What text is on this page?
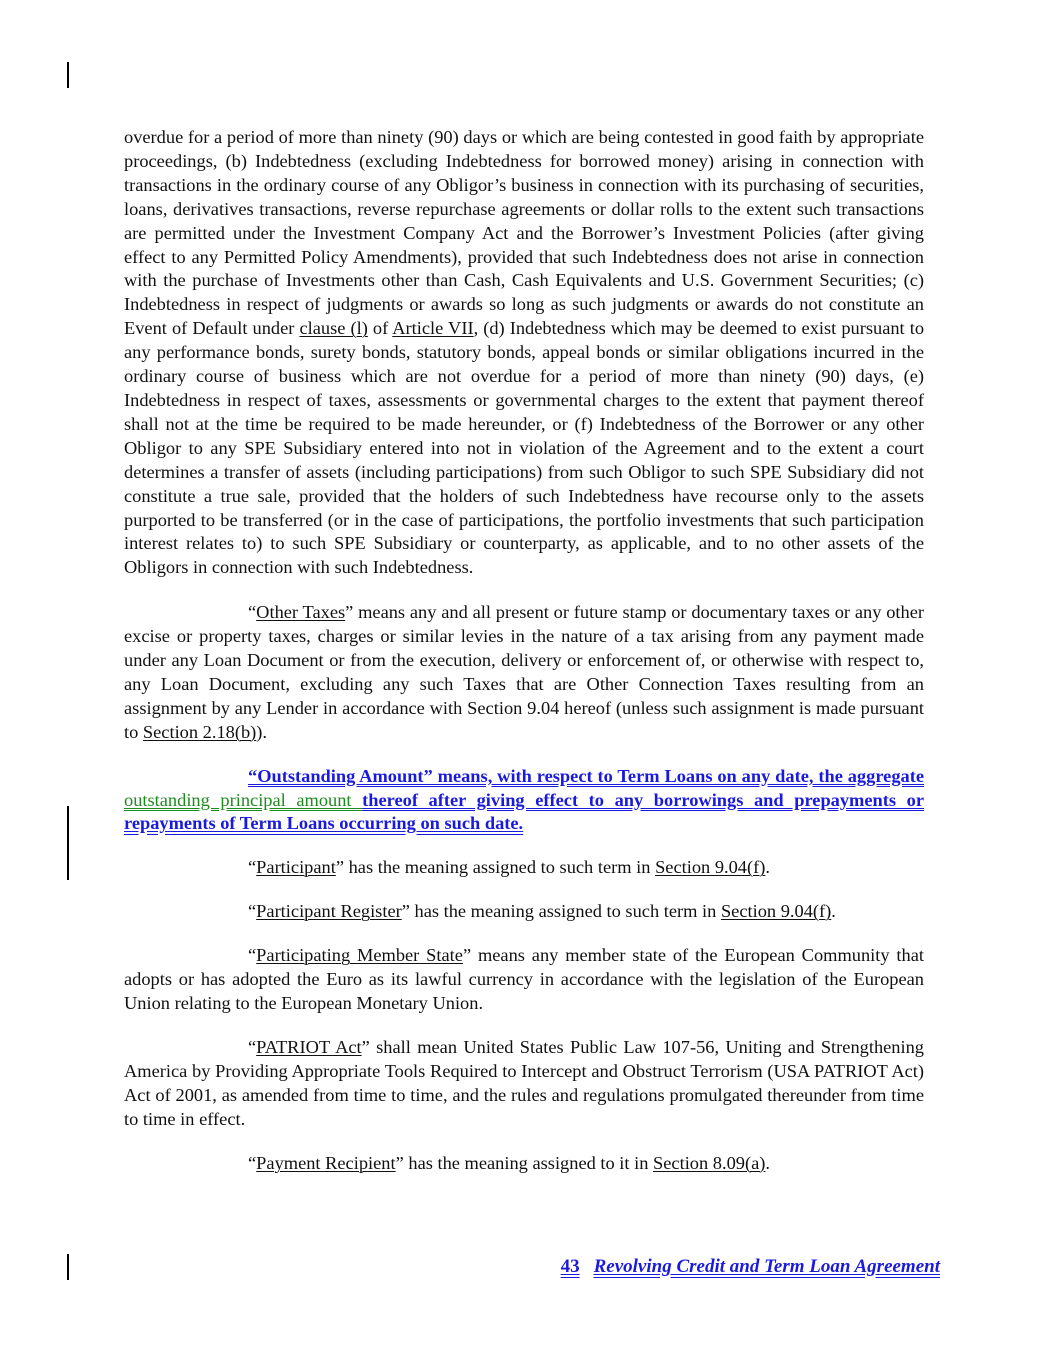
overdue for a period of more than ninety (90) days or which are being contested in good faith by appropriate proceedings, (b) Indebtedness (excluding Indebtedness for borrowed money) arising in connection with transactions in the ordinary course of any Obligor’s business in connection with its purchasing of securities, loans, derivatives transactions, reverse repurchase agreements or dollar rolls to the extent such transactions are permitted under the Investment Company Act and the Borrower’s Investment Policies (after giving effect to any Permitted Policy Amendments), provided that such Indebtedness does not arise in connection with the purchase of Investments other than Cash, Cash Equivalents and U.S. Government Securities; (c) Indebtedness in respect of judgments or awards so long as such judgments or awards do not constitute an Event of Default under clause (l) of Article VII, (d) Indebtedness which may be deemed to exist pursuant to any performance bonds, surety bonds, statutory bonds, appeal bonds or similar obligations incurred in the ordinary course of business which are not overdue for a period of more than ninety (90) days, (e) Indebtedness in respect of taxes, assessments or governmental charges to the extent that payment thereof shall not at the time be required to be made hereunder, or (f) Indebtedness of the Borrower or any other Obligor to any SPE Subsidiary entered into not in violation of the Agreement and to the extent a court determines a transfer of assets (including participations) from such Obligor to such SPE Subsidiary did not constitute a true sale, provided that the holders of such Indebtedness have recourse only to the assets purported to be transferred (or in the case of participations, the portfolio investments that such participation interest relates to) to such SPE Subsidiary or counterparty, as applicable, and to no other assets of the Obligors in connection with such Indebtedness.

“Other Taxes” means any and all present or future stamp or documentary taxes or any other excise or property taxes, charges or similar levies in the nature of a tax arising from any payment made under any Loan Document or from the execution, delivery or enforcement of, or otherwise with respect to, any Loan Document, excluding any such Taxes that are Other Connection Taxes resulting from an assignment by any Lender in accordance with Section 9.04 hereof (unless such assignment is made pursuant to Section 2.18(b)).

“Outstanding Amount” means, with respect to Term Loans on any date, the aggregate outstanding principal amount thereof after giving effect to any borrowings and prepayments or repayments of Term Loans occurring on such date.

“Participant” has the meaning assigned to such term in Section 9.04(f).

“Participant Register” has the meaning assigned to such term in Section 9.04(f).

“Participating Member State” means any member state of the European Community that adopts or has adopted the Euro as its lawful currency in accordance with the legislation of the European Union relating to the European Monetary Union.

“PATRIOT Act” shall mean United States Public Law 107-56, Uniting and Strengthening America by Providing Appropriate Tools Required to Intercept and Obstruct Terrorism (USA PATRIOT Act) Act of 2001, as amended from time to time, and the rules and regulations promulgated thereunder from time to time in effect.

“Payment Recipient” has the meaning assigned to it in Section 8.09(a).

43 Revolving Credit and Term Loan Agreement
